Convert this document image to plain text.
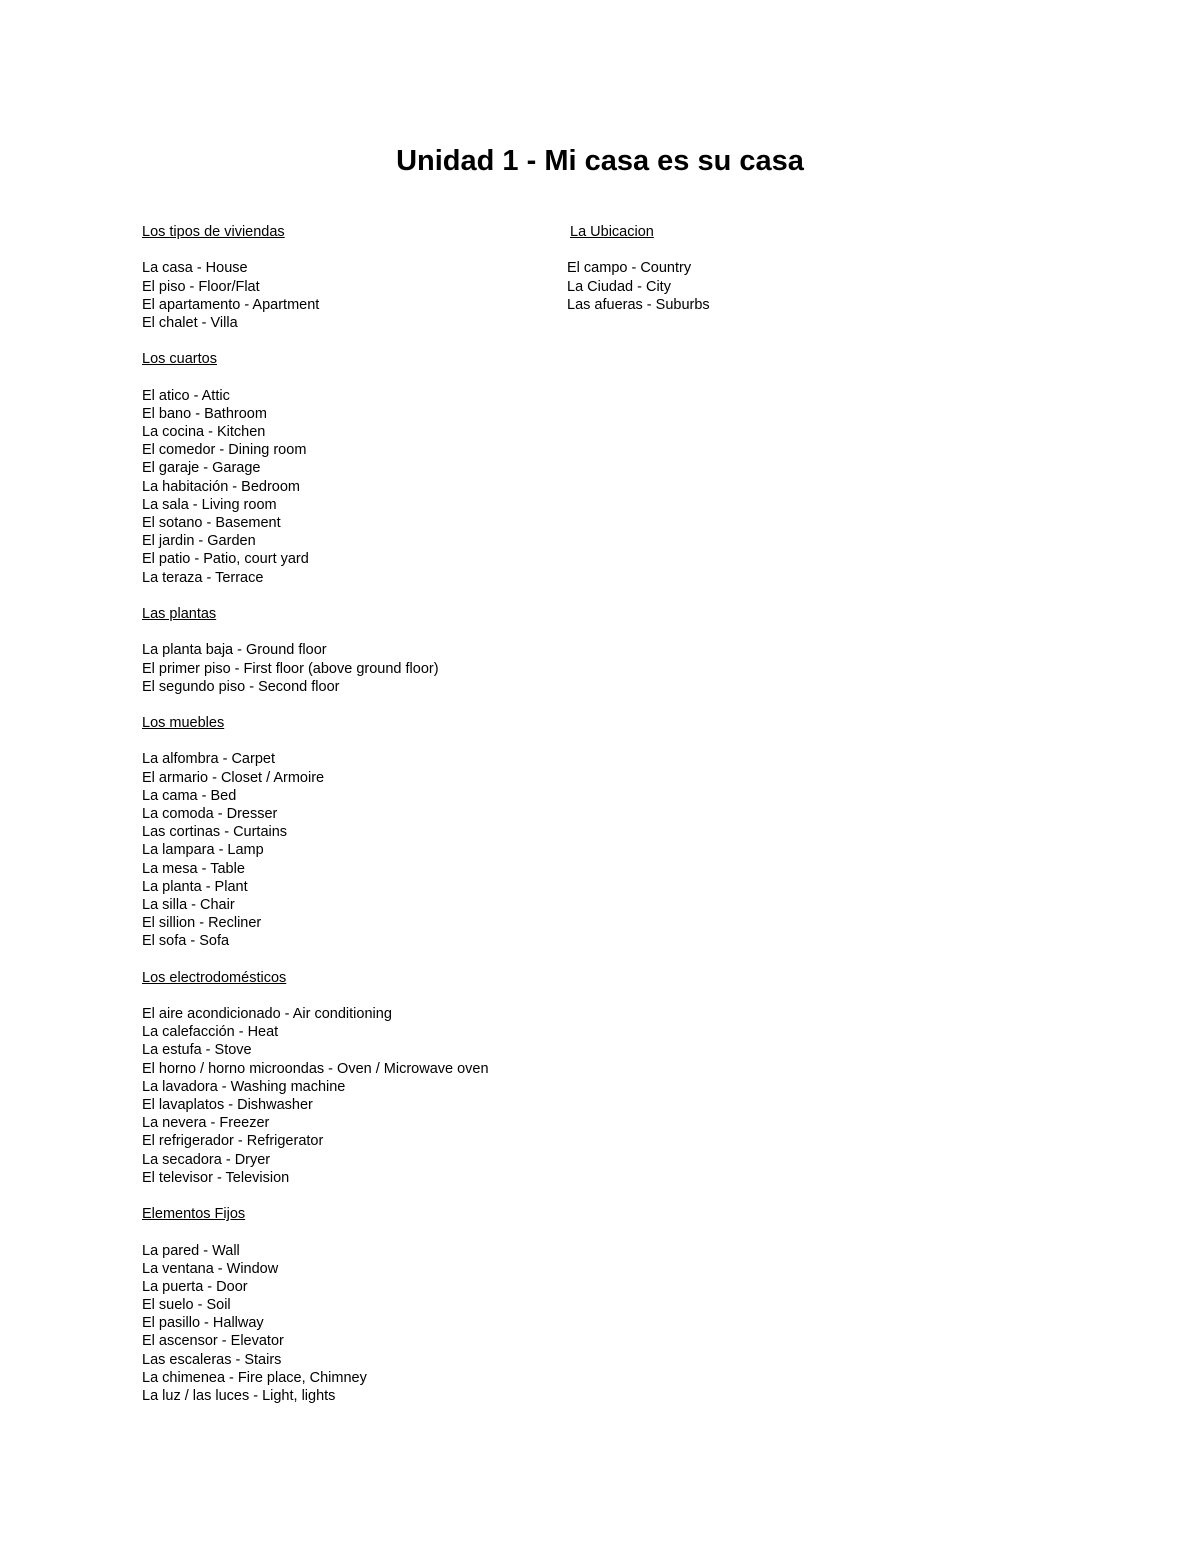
Unidad 1 - Mi casa es su casa
Los tipos de viviendas
La casa - House
El piso - Floor/Flat
El apartamento - Apartment
El chalet - Villa
Los cuartos
El atico - Attic
El bano - Bathroom
La cocina - Kitchen
El comedor - Dining room
El garaje - Garage
La habitación - Bedroom
La sala - Living room
El sotano - Basement
El jardin - Garden
El patio - Patio, court yard
La teraza - Terrace
Las plantas
La planta baja - Ground floor
El primer piso - First floor (above ground floor)
El segundo piso - Second floor
Los muebles
La alfombra - Carpet
El armario - Closet / Armoire
La cama - Bed
La comoda - Dresser
Las cortinas - Curtains
La lampara - Lamp
La mesa - Table
La planta - Plant
La silla - Chair
El sillion - Recliner
El sofa - Sofa
Los electrodomésticos
El aire acondicionado - Air conditioning
La calefacción - Heat
La estufa - Stove
El horno / horno microondas - Oven / Microwave oven
La lavadora - Washing machine
El lavaplatos - Dishwasher
La nevera - Freezer
El refrigerador - Refrigerator
La secadora - Dryer
El televisor - Television
Elementos Fijos
La pared - Wall
La ventana - Window
La puerta - Door
El suelo - Soil
El pasillo - Hallway
El ascensor - Elevator
Las escaleras - Stairs
La chimenea - Fire place, Chimney
La luz / las luces - Light, lights
La Ubicacion
El campo - Country
La Ciudad - City
Las afueras - Suburbs
